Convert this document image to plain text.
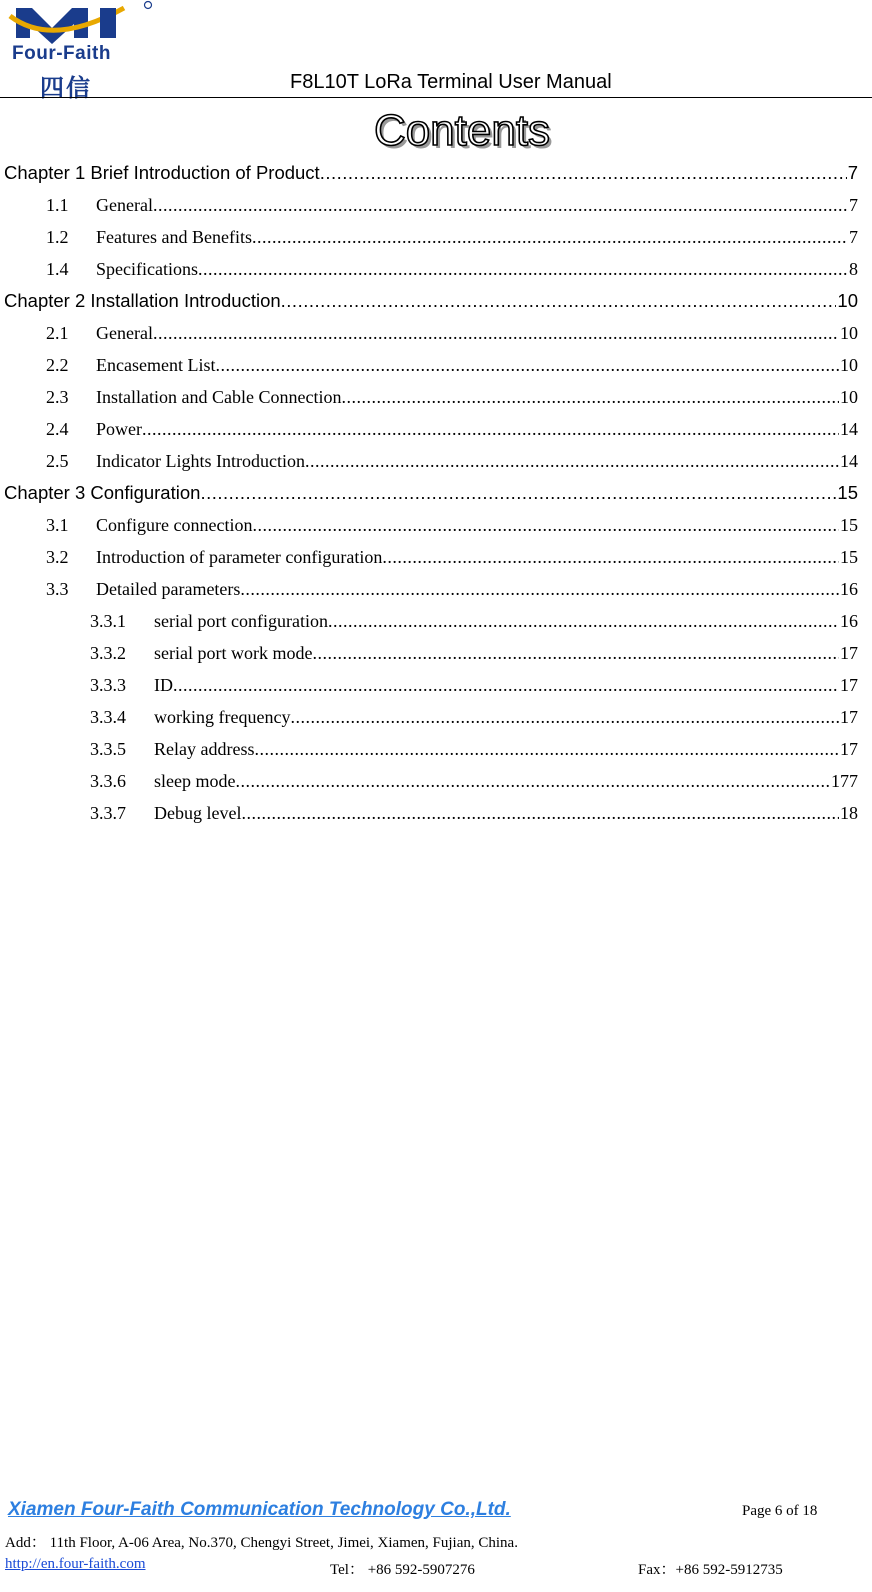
Four-Faith
四信	F8L10T LoRa Terminal User Manual
Contents
Chapter 1 Brief Introduction of Product .....	7
1.1	General .....	7
1.2	Features and Benefits .....	7
1.4	Specifications .....	8
Chapter 2 Installation Introduction .....	10
2.1	General .....	10
2.2	Encasement List .....	10
2.3	Installation and Cable Connection .....	10
2.4	Power .....	14
2.5	Indicator Lights Introduction .....	14
Chapter 3 Configuration .....	15
3.1	Configure connection .....	15
3.2	Introduction of parameter configuration .....	15
3.3	Detailed parameters .....	16
3.3.1	serial port configuration .....	16
3.3.2	serial port work mode .....	17
3.3.3	ID .....	17
3.3.4	working frequency .....	17
3.3.5	Relay address .....	17
3.3.6	sleep mode .....	177
3.3.7	Debug level .....	18
Xiamen Four-Faith Communication Technology Co.,Ltd.	Page 6 of 18
Add： 11th Floor, A-06 Area, No.370, Chengyi Street, Jimei, Xiamen, Fujian, China.
http://en.four-faith.com	Tel： +86 592-5907276	Fax：+86 592-5912735
